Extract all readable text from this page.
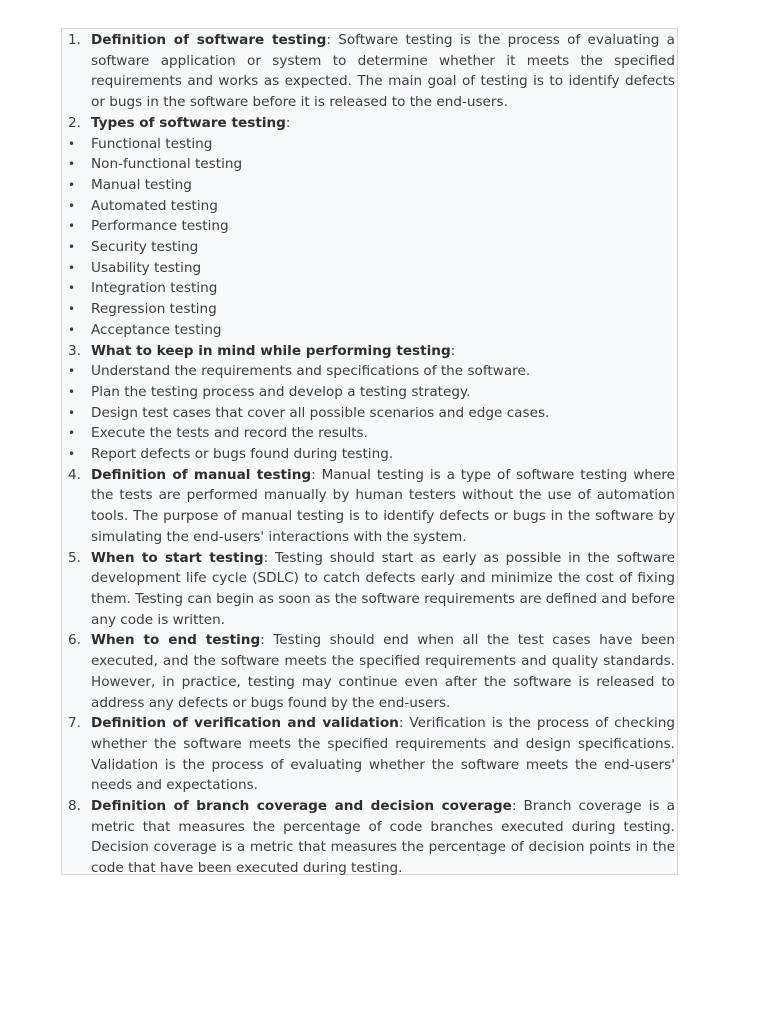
1. Definition of software testing: Software testing is the process of evaluating a software application or system to determine whether it meets the specified requirements and works as expected. The main goal of testing is to identify defects or bugs in the software before it is released to the end-users.
2. Types of software testing:
•	Functional testing
•	Non-functional testing
•	Manual testing
•	Automated testing
•	Performance testing
•	Security testing
•	Usability testing
•	Integration testing
•	Regression testing
•	Acceptance testing
3. What to keep in mind while performing testing:
•	Understand the requirements and specifications of the software.
•	Plan the testing process and develop a testing strategy.
•	Design test cases that cover all possible scenarios and edge cases.
•	Execute the tests and record the results.
•	Report defects or bugs found during testing.
4. Definition of manual testing: Manual testing is a type of software testing where the tests are performed manually by human testers without the use of automation tools. The purpose of manual testing is to identify defects or bugs in the software by simulating the end-users' interactions with the system.
5. When to start testing: Testing should start as early as possible in the software development life cycle (SDLC) to catch defects early and minimize the cost of fixing them. Testing can begin as soon as the software requirements are defined and before any code is written.
6. When to end testing: Testing should end when all the test cases have been executed, and the software meets the specified requirements and quality standards. However, in practice, testing may continue even after the software is released to address any defects or bugs found by the end-users.
7. Definition of verification and validation: Verification is the process of checking whether the software meets the specified requirements and design specifications. Validation is the process of evaluating whether the software meets the end-users' needs and expectations.
8. Definition of branch coverage and decision coverage: Branch coverage is a metric that measures the percentage of code branches executed during testing. Decision coverage is a metric that measures the percentage of decision points in the code that have been executed during testing.
